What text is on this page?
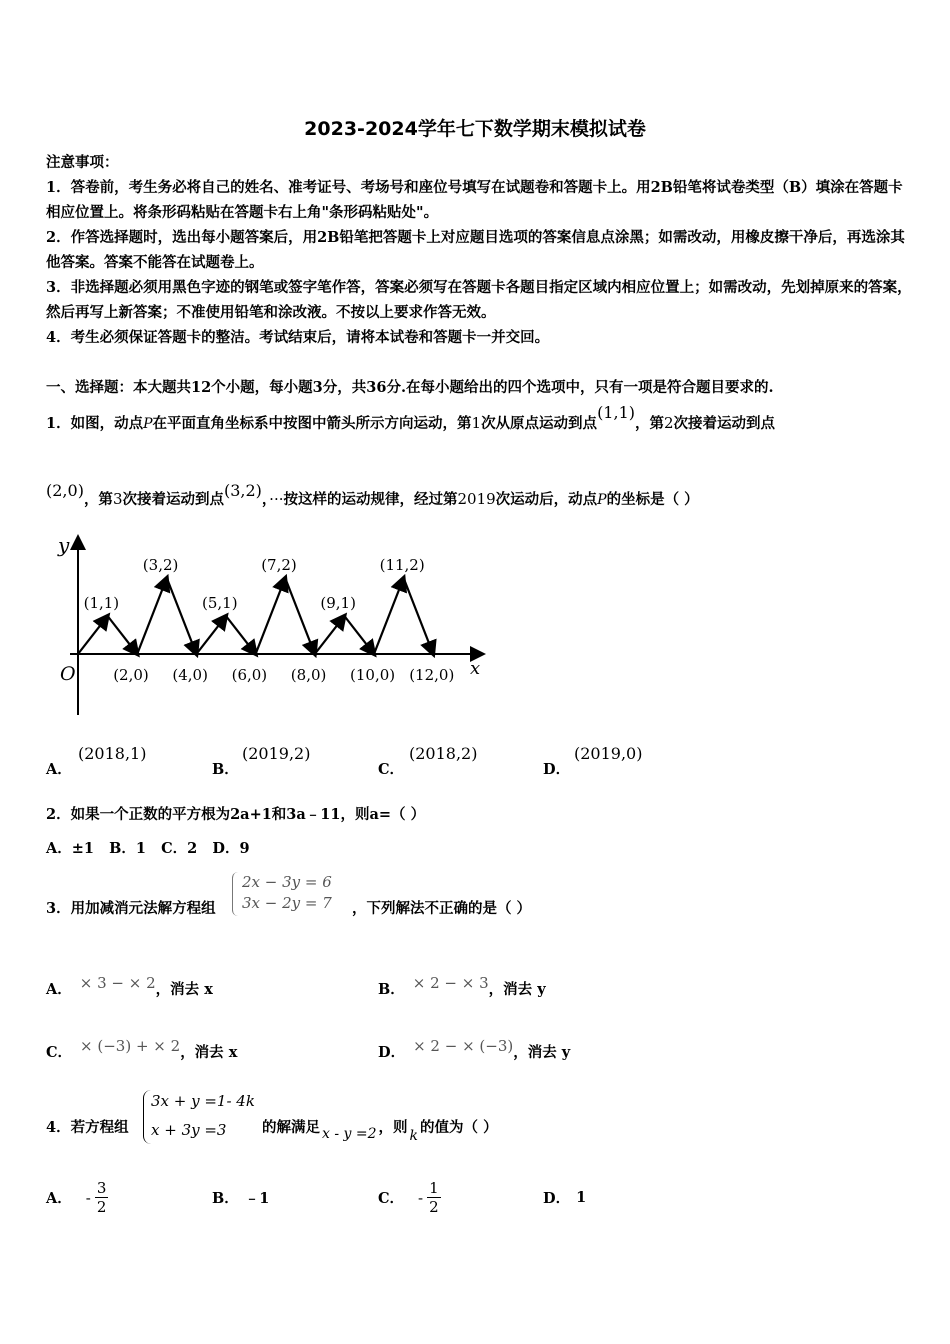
2023-2024学年七下数学期末模拟试卷

注意事项：

1．答卷前，考生务必将自己的姓名、准考证号、考场号和座位号填写在试题卷和答题卡上。用2B铅笔将试卷类型（B）填涂在答题卡相应位置上。将条形码粘贴在答题卡右上角"条形码粘贴处"。

2．作答选择题时，选出每小题答案后，用2B铅笔把答题卡上对应题目选项的答案信息点涂黑；如需改动，用橡皮擦干净后，再选涂其他答案。答案不能答在试题卷上。

3．非选择题必须用黑色字迹的钢笔或签字笔作答，答案必须写在答题卡各题目指定区域内相应位置上；如需改动，先划掉原来的答案，然后再写上新答案；不准使用铅笔和涂改液。不按以上要求作答无效。

4．考生必须保证答题卡的整洁。考试结束后，请将本试卷和答题卡一并交回。

一、选择题：本大题共12个小题，每小题3分，共36分.在每小题给出的四个选项中，只有一项是符合题目要求的.
1．如图，动点P在平面直角坐标系中按图中箭头所示方向运动，第1次从原点运动到点(1,1)，第2次接着运动到点
(2,0)，第3次接着运动到点(3,2)，···按这样的运动规律，经过第2019次运动后，动点P的坐标是（ ）
y
x
O
(1,1)
(3,2)
(5,1)
(7,2)
(9,1)
(11,2)
(2,0) (4,0) (6,0) (8,0) (10,0) (12,0)
A．
(2018,1)
B．
(2019,2)
C．
(2018,2)
D．
(2019,0)
2．如果一个正数的平方根为2a+1和3a﹣11，则a=（ ）
A．±1   B．1   C．2   D．9
3．用加减消元法解方程组
2x − 3y = 6
3x − 2y = 7 ，下列解法不正确的是（ ）
A． × 3 − × 2，消去 x	B． × 2 − × 3，消去 y
C． × (−3) + × 2，消去 x	D． × 2 − × (−3)，消去 y
4．若方程组
3x + y =1- 4k
x + 3y =3	的解满足 x - y =2 ，则 k 的值为（ ）
A． - $\frac{3}{2}$	B． ﹣1	C． - $\frac{1}{2}$	D． 1
